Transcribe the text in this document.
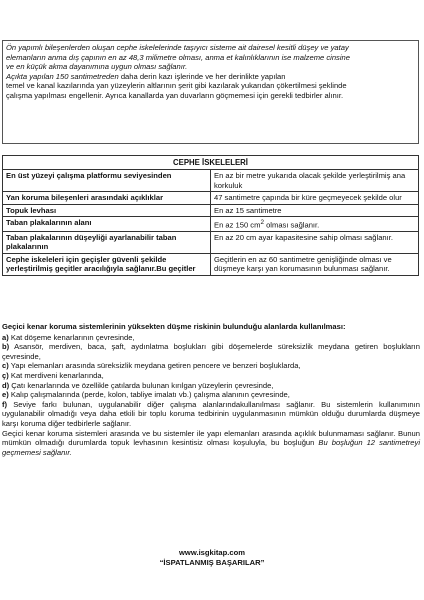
Ön yapımlı bileşenlerden oluşan cephe iskelelerinde taşıyıcı sisteme ait dairesel kesitli düşey ve yatay

elemanların anma dış çapının en az 48,3 milimetre olması, anma et kalınlıklarının ise malzeme cinsine

ve en küçük akma dayanımına uygun olması sağlanır.

Açıkta yapılan 150 santimetreden daha derin kazı işlerinde ve her derinlikte yapılan

temel ve kanal kazılarında yan yüzeylerin altlarının şerit gibi kazılarak yukarıdan çökertilmesi şeklinde

çalışma yapılması engellenir. Ayrıca kanallarda yan duvarların göçmemesi için gerekli tedbirler alınır.

CEPHE İSKELELERİ	
En üst yüzeyi çalışma platformu seviyesinden	En az bir metre yukarıda olacak şekilde yerleştirilmiş ana korkuluk
Yan koruma bileşenleri arasındaki açıklıklar	47 santimetre çapında bir küre geçmeyecek şekilde olur
Topuk levhası	En az 15 santimetre
Taban plakalarının alanı	En az 150 $cm^2$ olması sağlanır.
Taban plakalarının düşeyliği ayarlanabilir taban plakalarının	En az 20 cm ayar kapasitesine sahip olması sağlanır.
Cephe iskeleleri için geçişler güvenli şekilde yerleştirilmiş geçitler aracılığıyla sağlanır.Bu geçitler	Geçitlerin en az 60 santimetre genişliğinde olması ve düşmeye karşı yan korumasının bulunması sağlanır.

Geçici kenar koruma sistemlerinin yüksekten düşme riskinin bulunduğu alanlarda kullanılması:

a) Kat döşeme kenarlarının çevresinde,

b) Asansör, merdiven, baca, şaft, aydınlatma boşlukları gibi döşemelerde süreksizlik meydana getiren boşlukların çevresinde,

c) Yapı elemanları arasında süreksizlik meydana getiren pencere ve benzeri boşluklarda,

ç) Kat merdiveni kenarlarında,

d) Çatı kenarlarında ve özellikle çatılarda bulunan kırılgan yüzeylerin çevresinde,

e) Kalıp çalışmalarında (perde, kolon, tabliye imalatı vb.) çalışma alanının çevresinde,

f) Seviye farkı bulunan, uygulanabilir diğer çalışma alanlarındakullanılması sağlanır. Bu sistemlerin kullanımının uygulanabilir olmadığı veya daha etkili bir toplu koruma tedbirinin uygulanmasının mümkün olduğu durumlarda düşmeye karşı koruma diğer tedbirlerle sağlanır.

Geçici kenar koruma sistemleri arasında ve bu sistemler ile yapı elemanları arasında açıklık bulunmaması sağlanır. Bunun mümkün olmadığı durumlarda topuk levhasının kesintisiz olması koşuluyla, bu boşluğun Bu boşluğun 12 santimetreyi geçmemesi sağlanır.

www.isgkitap.com
“İSPATLANMIŞ BAŞARILAR”
